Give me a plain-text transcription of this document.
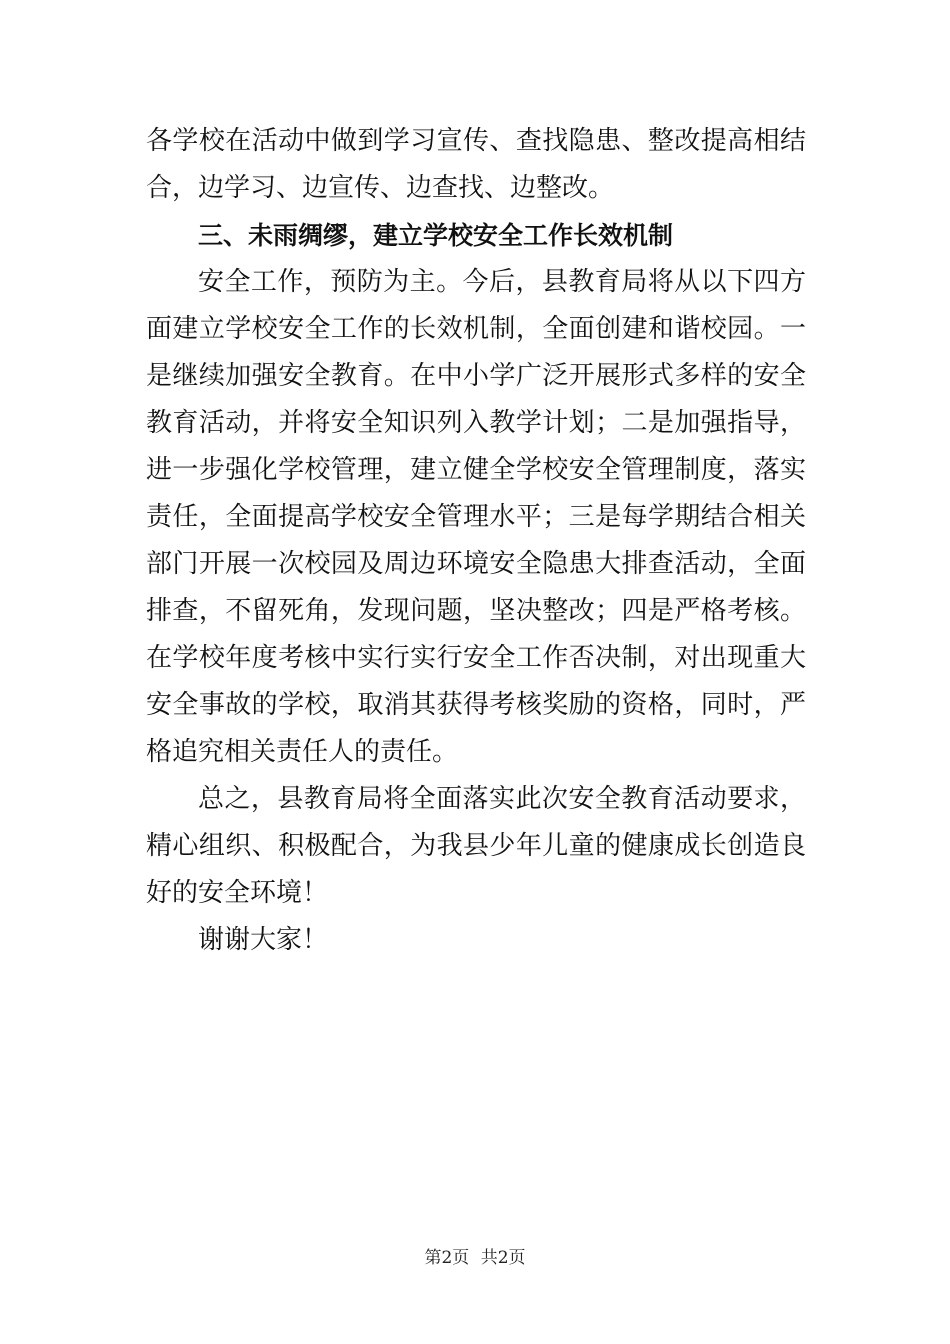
各学校在活动中做到学习宣传、查找隐患、整改提高相结
合，边学习、边宣传、边查找、边整改。
三、未雨绸缪，建立学校安全工作长效机制
安全工作，预防为主。今后，县教育局将从以下四方
面建立学校安全工作的长效机制，全面创建和谐校园。一
是继续加强安全教育。在中小学广泛开展形式多样的安全
教育活动，并将安全知识列入教学计划；二是加强指导，
进一步强化学校管理，建立健全学校安全管理制度，落实
责任，全面提高学校安全管理水平；三是每学期结合相关
部门开展一次校园及周边环境安全隐患大排查活动，全面
排查，不留死角，发现问题，坚决整改；四是严格考核。
在学校年度考核中实行实行安全工作否决制，对出现重大
安全事故的学校，取消其获得考核奖励的资格，同时，严
格追究相关责任人的责任。
总之，县教育局将全面落实此次安全教育活动要求，
精心组织、积极配合，为我县少年儿童的健康成长创造良
好的安全环境！
谢谢大家！
第2页 共2页
